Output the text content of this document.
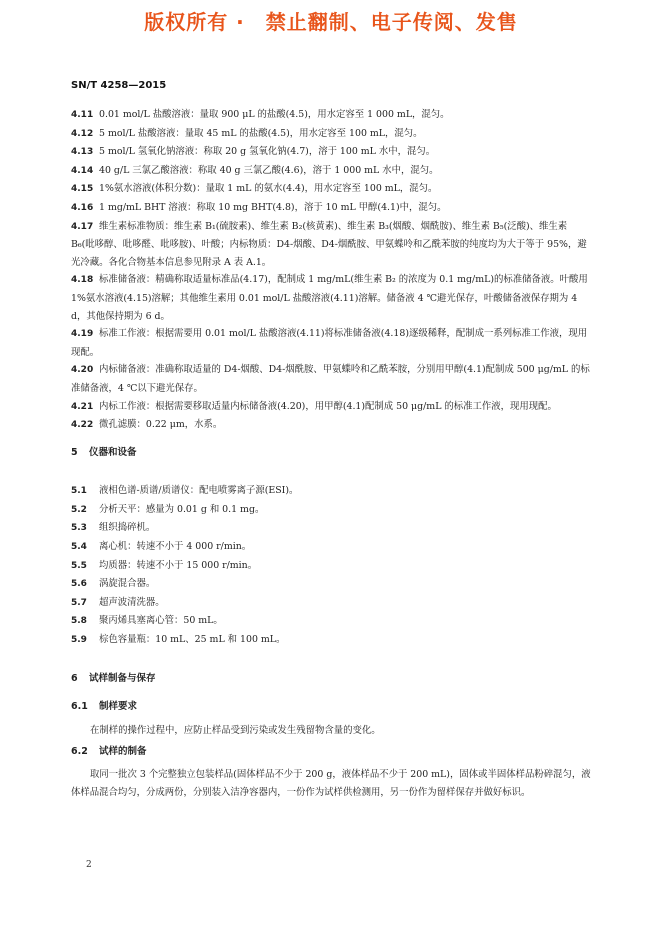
版权所有 ·　禁止翻制、电子传阅、发售
SN/T 4258—2015

4.11 0.01 mol/L 盐酸溶液：量取 900 μL 的盐酸(4.5)，用水定容至 1 000 mL，混匀。

4.12 5 mol/L 盐酸溶液：量取 45 mL 的盐酸(4.5)，用水定容至 100 mL，混匀。

4.13 5 mol/L 氢氧化钠溶液：称取 20 g 氢氧化钠(4.7)，溶于 100 mL 水中，混匀。

4.14 40 g/L 三氯乙酸溶液：称取 40 g 三氯乙酸(4.6)，溶于 1 000 mL 水中，混匀。

4.15 1%氨水溶液(体积分数)：量取 1 mL 的氨水(4.4)，用水定容至 100 mL，混匀。

4.16 1 mg/mL BHT 溶液：称取 10 mg BHT(4.8)，溶于 10 mL 甲醇(4.1)中，混匀。

4.17 维生素标准物质：维生素 B₁(硫胺素)、维生素 B₂(核黄素)、维生素 B₃(烟酸、烟酰胺)、维生素 B₅(泛酸)、维生素 B₆(吡哆醇、吡哆醛、吡哆胺)、叶酸；内标物质：D4-烟酸、D4-烟酰胺、甲氨蝶呤和乙酰苯胺的纯度均为大于等于 95%，避光冷藏。各化合物基本信息参见附录 A 表 A.1。

4.18 标准储备液：精确称取适量标准品(4.17)，配制成 1 mg/mL(维生素 B₂ 的浓度为 0.1 mg/mL)的标准储备液。叶酸用 1%氨水溶液(4.15)溶解；其他维生素用 0.01 mol/L 盐酸溶液(4.11)溶解。储备液 4 ℃避光保存，叶酸储备液保存期为 4 d，其他保持期为 6 d。

4.19 标准工作液：根据需要用 0.01 mol/L 盐酸溶液(4.11)将标准储备液(4.18)逐级稀释，配制成一系列标准工作液，现用现配。

4.20 内标储备液：准确称取适量的 D4-烟酸、D4-烟酰胺、甲氨蝶呤和乙酰苯胺，分别用甲醇(4.1)配制成 500 μg/mL 的标准储备液，4 ℃以下避光保存。

4.21 内标工作液：根据需要移取适量内标储备液(4.20)，用甲醇(4.1)配制成 50 μg/mL 的标准工作液，现用现配。

4.22 微孔滤膜：0.22 μm，水系。

5 仪器和设备

5.1 液相色谱-质谱/质谱仪：配电喷雾离子源(ESI)。

5.2 分析天平：感量为 0.01 g 和 0.1 mg。

5.3 组织捣碎机。

5.4 离心机：转速不小于 4 000 r/min。

5.5 均质器：转速不小于 15 000 r/min。

5.6 涡旋混合器。

5.7 超声波清洗器。

5.8 聚丙烯具塞离心管：50 mL。

5.9 棕色容量瓶：10 mL、25 mL 和 100 mL。

6 试样制备与保存

6.1 制样要求

在制样的操作过程中，应防止样品受到污染或发生残留物含量的变化。

6.2 试样的制备

取同一批次 3 个完整独立包装样品(固体样品不少于 200 g，液体样品不少于 200 mL)，固体或半固体样品粉碎混匀，液体样品混合均匀，分成两份，分别装入洁净容器内，一份作为试样供检测用，另一份作为留样保存并做好标识。

2
